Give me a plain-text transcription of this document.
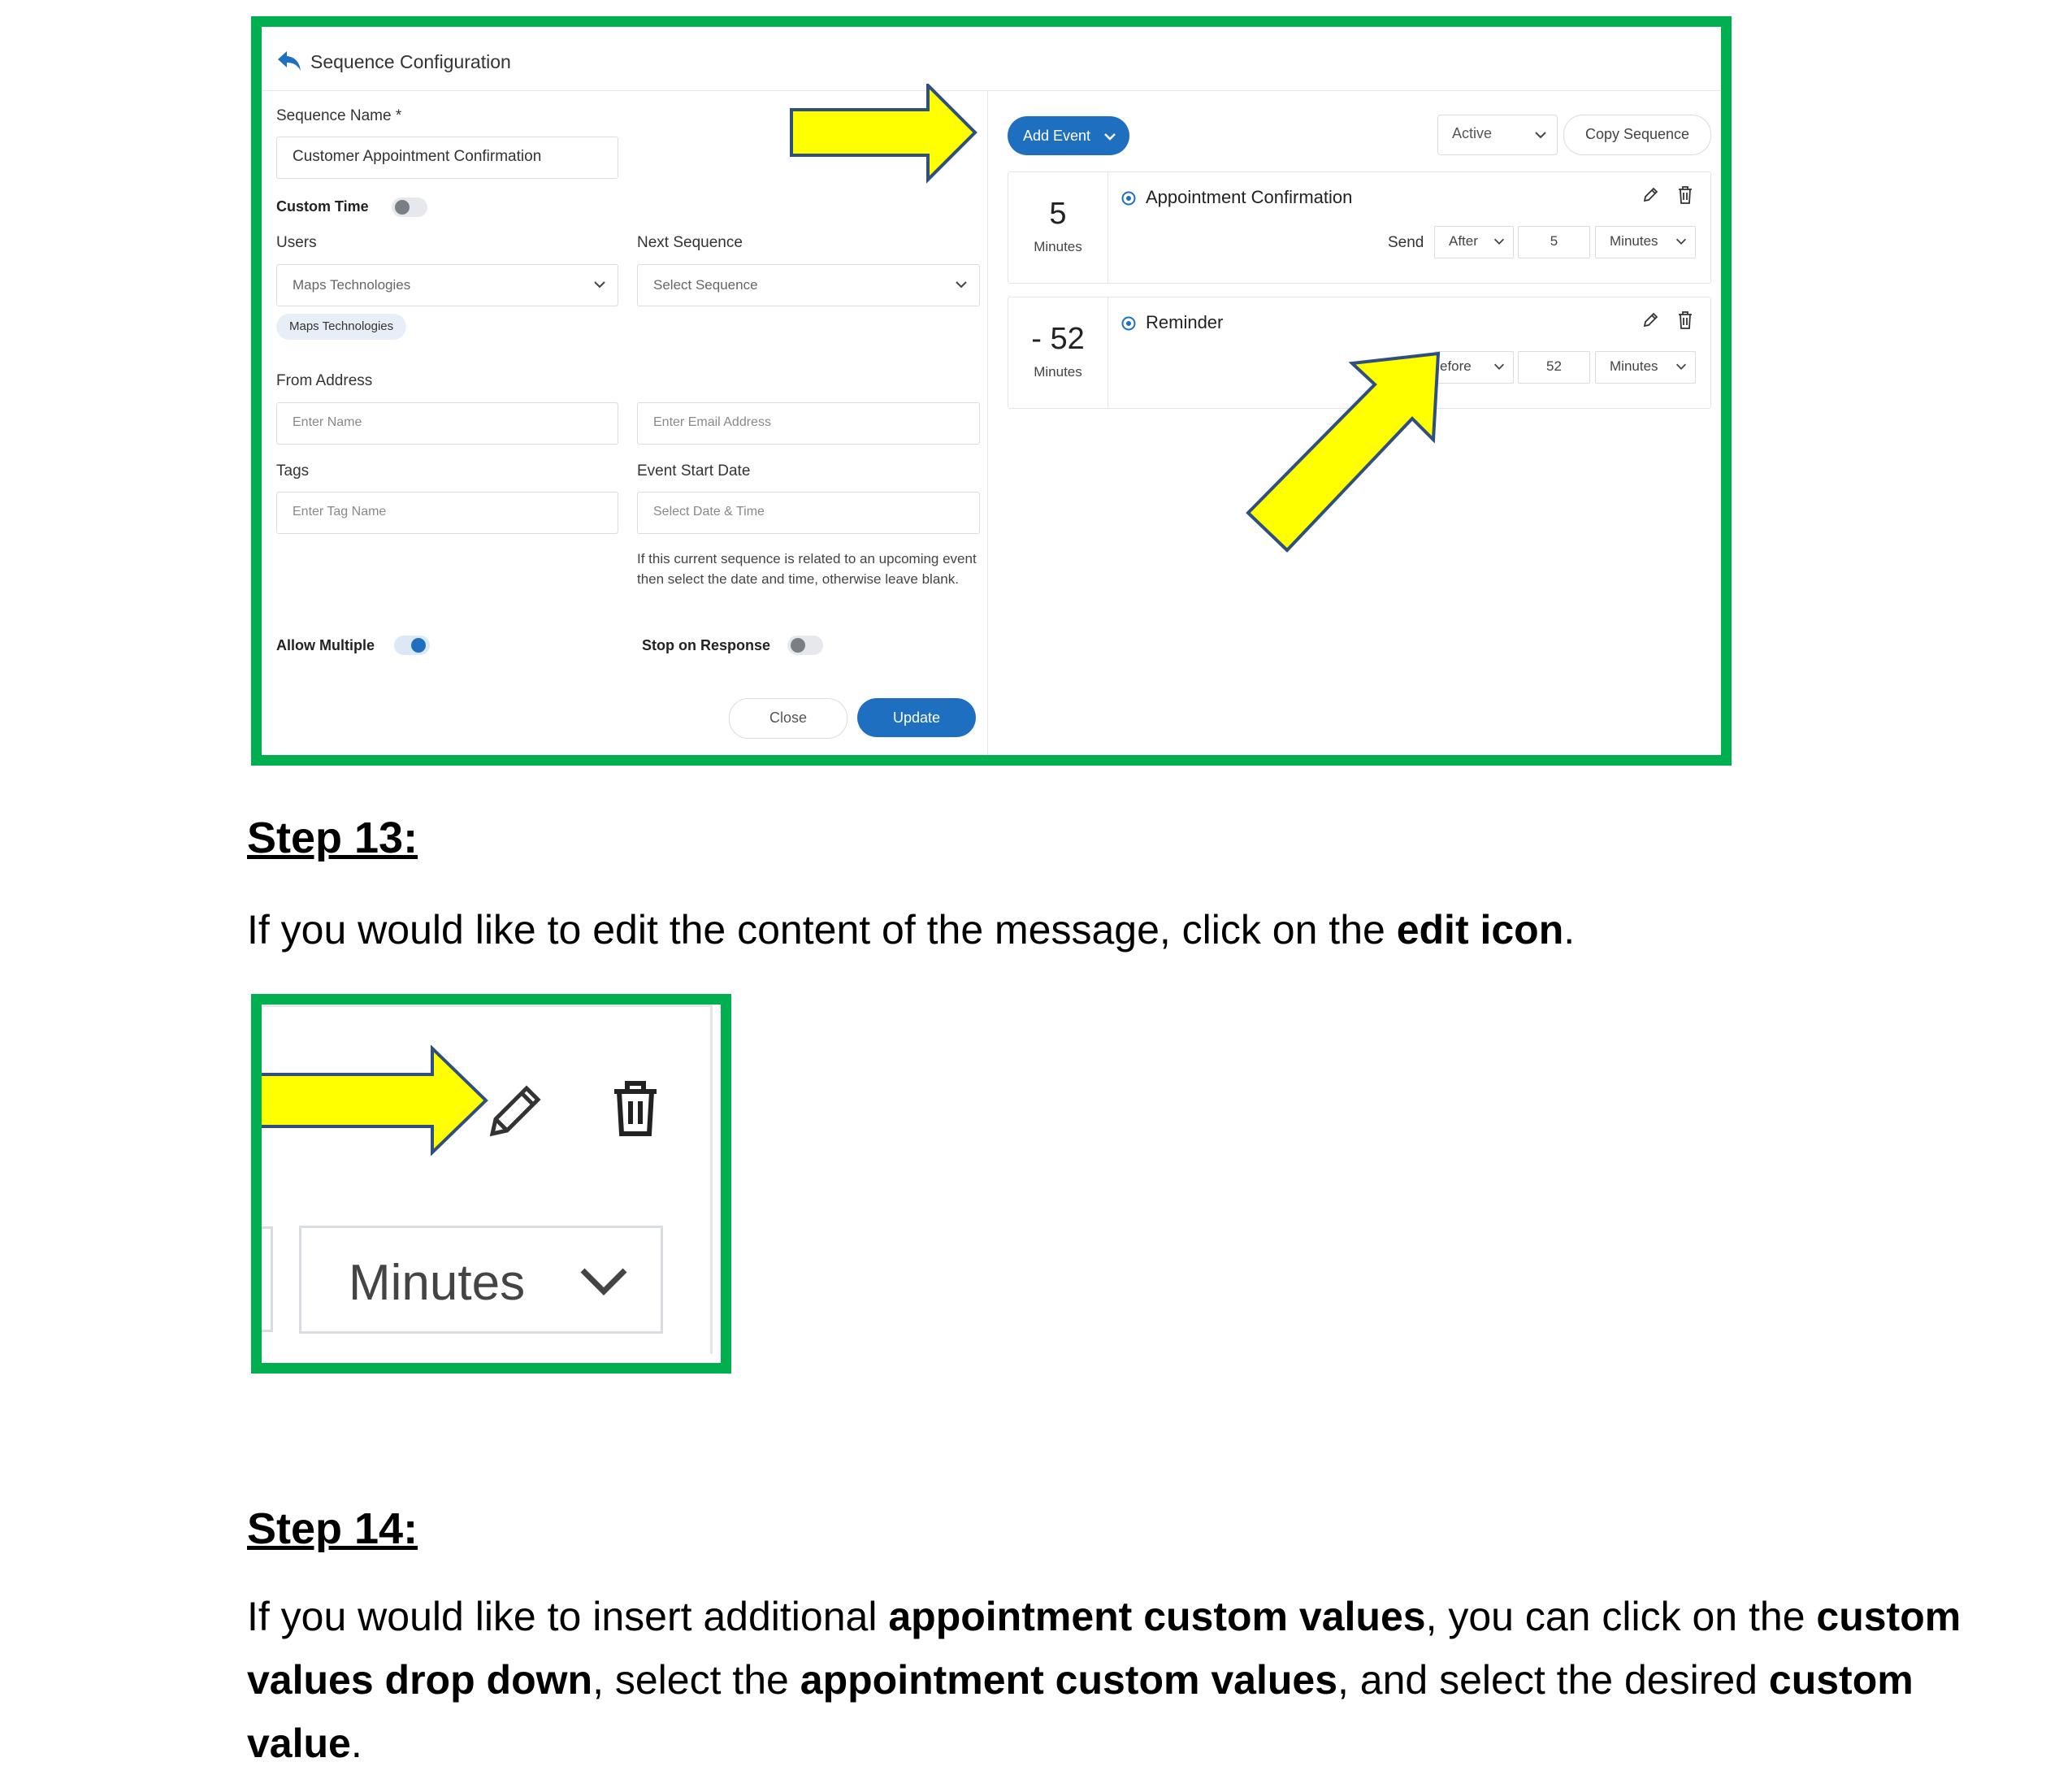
Sequence Configuration
Sequence Name *
Customer Appointment Confirmation
Custom Time
Users
Maps Technologies
Maps Technologies
Next Sequence
Select Sequence
From Address
Enter Name	Enter Email Address
Tags
Enter Tag Name
Event Start Date
Select Date & Time
If this current sequence is related to an upcoming event then select the date and time, otherwise leave blank.
Allow Multiple	Stop on Response
Close	Update
Add Event	Active	Copy Sequence
5
Minutes
Appointment Confirmation
Send After	5	Minutes
- 52
Minutes
Reminder
efore	52	Minutes
Step 13:
If you would like to edit the content of the message, click on the edit icon.
Minutes
Step 14:
If you would like to insert additional appointment custom values, you can click on the custom values drop down, select the appointment custom values, and select the desired custom value.
